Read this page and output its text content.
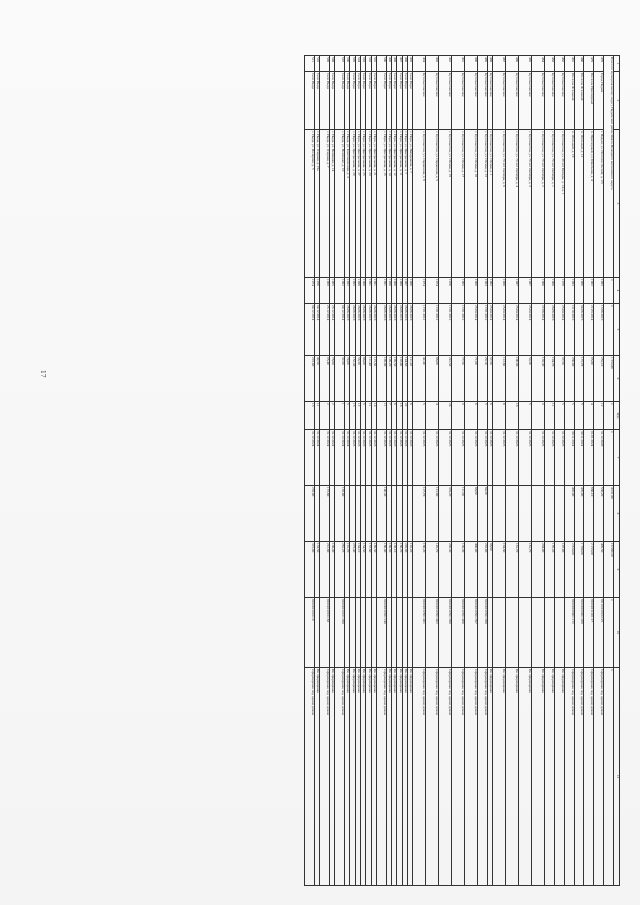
17
1	2	3	4	5	6	6(9)	7	8	9	10	12
Итого по муниципальному округу Надымский район Ямало-Ненецкого автономного округа			х	х	1 553,80	х	х	4 031,90	16 500,50	х	х
478	Город Надым	г. Надым, ул. Поселок Лесной, д. 1/5	1985	13.06.2013	252,10	12	31.12.2020	538,20	409,50	89:10:010102:25	Сформирован под одним домом
479	Поселок Приозерный	п. Приозерный, ул. Школьная, д. 4	1983	21.03.2014	95,80	4	01.01.2024	660,10	2 153,00	89:04:011201:17	Сформирован под одним домом
480	Поселок Ягельный	п. Ягельный, д. 12	1986	04.06.2015	172,70	5	30.11.2024	470,00	1 780,00	89:04:020401:269	Сформирован под одним домом
481	Поселок Ягельный	п. Ягельный, д. 16	1983	10.10.2013	230,00	5	30.11.2024	420,00	2 824,00	89:04:020401:172	Сформирован под одним домом
482	Кутопьюганское	с. Кутопьюган, ул. 30 лет Победы, д. 14, к. 1	1976	25.04.2014	37,50	5	31.12.2025		107,00		Не сформирован
483	Кутопьюганское	с. Кутопьюган, ул. 70 лет Октября, д. 1	1988	28.06.2016	104,70	11	31.12.2025		170,20		Не сформирован
484	Кутопьюганское	с. Кутопьюган, ул. 70 лет Октября, д. 2	1988	27.08.2014	135,30	9	31.12.2025		204,00		Не сформирован
485	Кутопьюганское	с. Кутопьюган, ул. 70 лет Октября, д. 3	1987	25.04.2014	50,30	5	31.12.2025		181,70		Не сформирован
486	Кутопьюганское	с. Кутопьюган, ул. 70 лет Октября, д. 4	1987	25.04.2014	100,90	16	31.12.2025		161,70		Не сформирован
487	Кутопьюганское	с. Кутопьюган, ул. 70 лет Октября, д. 6	1988	25.04.2014	112,60	8	31.12.2025		194,80		Не сформирован
488	Кутопьюганское	с. Кутопьюган, ул. Обская, д. 1	1962	25.04.2014	57,50	8	31.12.2025		98,60		Не сформирован
489	Кутопьюганское	с. Кутопьюган, ул. Обская, д. 15	1963	17.01.2012	29,10	5	31.12.2025	84,50	210,00	89:04:010501:398	Сформирован под одним домом
490	Кутопьюганское	с. Кутопьюган, ул. Обская, д. 16	1966	25.04.2014	71,60	6	31.12.2025	88,00	400,00	89:04:010501:397	Сформирован под одним домом
491	Кутопьюганское	с. Кутопьюган, ул. Обская, д. 17	1965	17.01.2012	77,50	9	31.12.2025	111,50	139,30	89:04:010501:400	Сформирован под одним домом
492	Кутопьюганское	с. Кутопьюган, ул. Обская, д. 19	1970	17.01.2012	241,50	24	31.12.2025	335,20	209,30	89:04:010501:399	Сформирован под одним домом
493	Кутопьюганское	с. Кутопьюган, ул. Окраинная, д. 5	1974	17.01.2012	86,00	4	31.12.2025	121,00	145,70	89:04:010501:402	Сформирован под одним домом
494	Кутопьюганское	с. Кутопьюган, ул. Окраинная, д. 6	1974	17.01.2012	42,40	5	31.12.2025	127,70	168,20	89:04:010501:401	Сформирован под одним домом
495	Село Нори	с. Нори, ул. Набережная, д. 7	1986	28.06.2016	111,20	6	31.12.2023		192,20		Не сформирован
496	Село Нори	с. Нори, ул. Центральная, д. 7	1987	28.06.2016	144,60	22	31.12.2023		226,90		Не сформирован
497	Село Нори	с. Нори, ул. Центральная, д. 11	1988	28.06.2016	110,00	16	31.12.2023		166,70		Не сформирован
498	Село Нори	с. Нори, ул. Центральная, д. 12	1988	28.06.2016	109,50	8	31.12.2023		138,10		Не сформирован
499	Село Нори	с. Нори, ул. Центральная, д. 14	1990	28.06.2016	109,20	7	31.12.2023		166,50		Не сформирован
500	Село Нори	с. Нори, ул. Центральная, д. 15	1991	28.06.2016	109,00	11	31.12.2023	140,30	160,40	89:04:010501:149	Сформирован под одним домом
501	Село Нори	с. Нори, ул. Центральная, д. 21	1991	28.06.2016	115,50	14	31.12.2023		189,50		Не сформирован
502	Село Нори	с. Нори, ул. Центральная, д. 23	1991	28.06.2016	111,40	11	31.12.2023		157,80		Не сформирован
503	Село Нори	с. Нори, ул. Центральная, д. 25	1988	28.06.2016	86,00	5	31.12.2023		154,50		Не сформирован
504	Село Нори	с. Нори, ул. Центральная, д. 27	1988	28.06.2016	56,30	12	31.12.2023		164,10		Не сформирован
505	Село Нори	с. Нори, ул. Центральная, д. 29	1995	28.06.2016	152,30	15	31.12.2023		275,40		Не сформирован
506	Село Ныда	с. Ныда, ул. Комсомольская, д. 3	1992	28.06.2016	74,00	5	31.12.2024		191,70		Не сформирован
507	Село Ныда	с. Ныда, ул. Немецкая, д. 10	1962	04.12.2014	32,90	1	31.12.2024	195,80	281,25	89:04:010101:398	Сформирован под одним домом
508	Село Ныда	с. Ныда, ул. Немецкая, д. 14	1965	25.12.2014	78,60	2	31.12.2024		138,40		Не сформирован
509	Село Ныда	с. Ныда, ул. Озерная, д. 7	1969	25.12.2014	95,40	2	31.12.2024	172,80	212,80	89:04:010101:83	Сформирован под одним домом
510	Село Ныда	с. Ныда, ул. Озерная, д. 19а	1950	04.12.2014	42,50	11	31.12.2024		133,50		Не сформирован
511	Село Ныда	с. Ныда, ул. Полярная, д. 5	1974	04.12.2014	219,60	13	31.12.2024	270,00	315,00	89:04:010101:8	Сформирован под одним домом
